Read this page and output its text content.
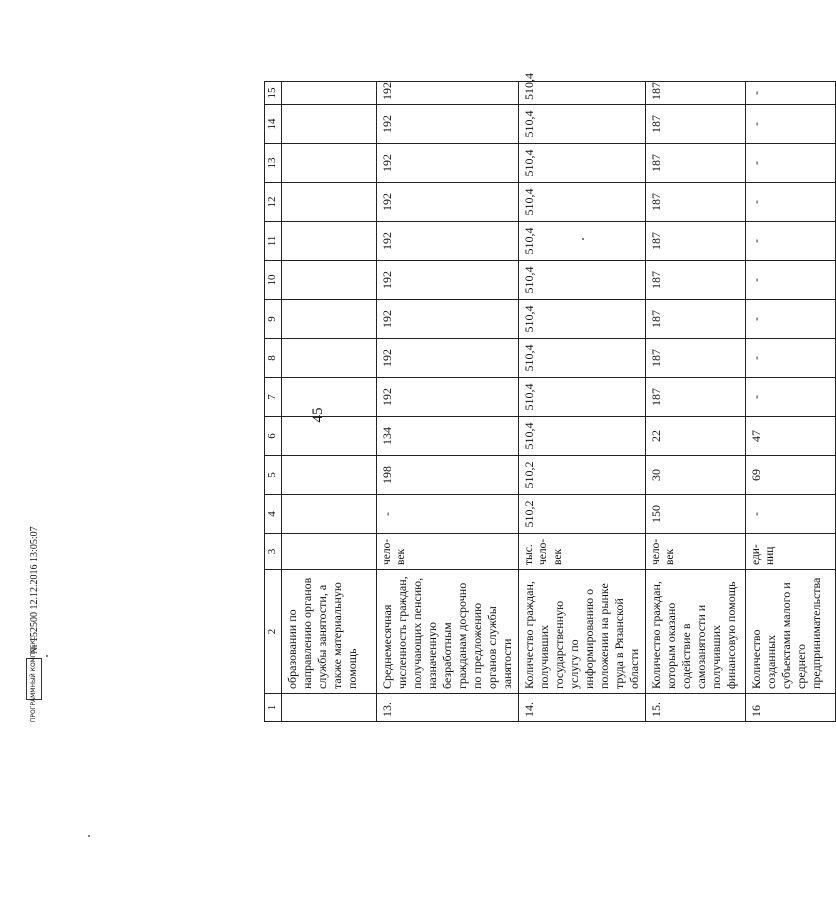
45
1	2	3	4	5	6	7	8	9	10	11	12	13	14	15
	образовании по направлению органов службы занятости, а также материальную помощь													
13.	Среднемесячная численность граждан, получающих пенсию, назначенную безработным гражданам досрочно по предложению органов службы занятости	чело-век	-	198	134	192	192	192	192	192	192	192	192	192
14.	Количество граждан, получивших государственную услугу по информированию о положении на рынке труда в Рязанской области	тыс. чело-век	510,2	510,2	510,4	510,4	510,4	510,4	510,4	510,4	510,4	510,4	510,4	510,4
15.	Количество граждан, которым оказано содействие в самозанятости и получивших финансовую помощь	чело-век	150	30	22	187	187	187	187	187	187	187	187	187
16	Количество созданных субъектами малого и среднего предпринимательства	еди-ниц	-	69	47	-	-	-	-	-	-	-	-	-
ПРОГРАММНЫЙ КОМПЛЕКС
№ 152500 12.12.2016 13:05:07
